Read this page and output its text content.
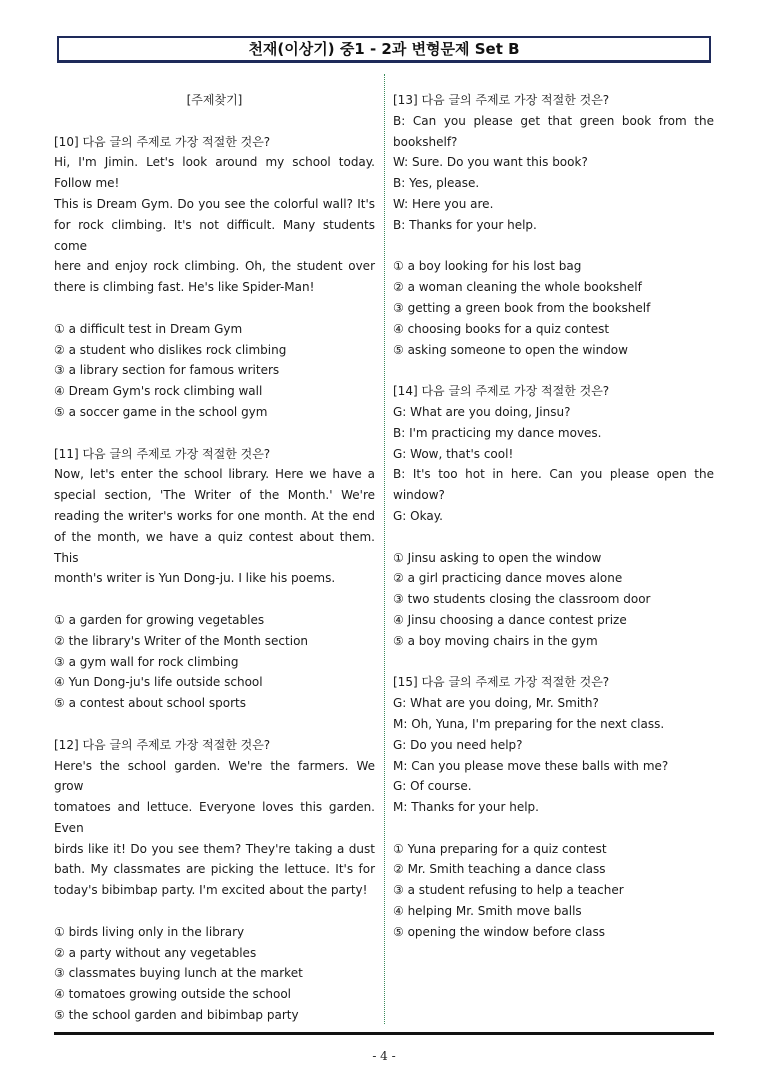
천재(이상기) 중1 - 2과 변형문제 Set B
[주제찾기]
[10] 다음 글의 주제로 가장 적절한 것은?
Hi, I'm Jimin. Let's look around my school today.
Follow me!
This is Dream Gym. Do you see the colorful wall? It's
for rock climbing. It's not difficult. Many students come
here and enjoy rock climbing. Oh, the student over
there is climbing fast. He's like Spider-Man!
① a difficult test in Dream Gym
② a student who dislikes rock climbing
③ a library section for famous writers
④ Dream Gym's rock climbing wall
⑤ a soccer game in the school gym
[11] 다음 글의 주제로 가장 적절한 것은?
Now, let's enter the school library. Here we have a
special section, 'The Writer of the Month.' We're
reading the writer's works for one month. At the end
of the month, we have a quiz contest about them. This
month's writer is Yun Dong-ju. I like his poems.
① a garden for growing vegetables
② the library's Writer of the Month section
③ a gym wall for rock climbing
④ Yun Dong-ju's life outside school
⑤ a contest about school sports
[12] 다음 글의 주제로 가장 적절한 것은?
Here's the school garden. We're the farmers. We grow
tomatoes and lettuce. Everyone loves this garden. Even
birds like it! Do you see them? They're taking a dust
bath. My classmates are picking the lettuce. It's for
today's bibimbap party. I'm excited about the party!
① birds living only in the library
② a party without any vegetables
③ classmates buying lunch at the market
④ tomatoes growing outside the school
⑤ the school garden and bibimbap party
[13] 다음 글의 주제로 가장 적절한 것은?
B: Can you please get that green book from the
bookshelf?
W: Sure. Do you want this book?
B: Yes, please.
W: Here you are.
B: Thanks for your help.
① a boy looking for his lost bag
② a woman cleaning the whole bookshelf
③ getting a green book from the bookshelf
④ choosing books for a quiz contest
⑤ asking someone to open the window
[14] 다음 글의 주제로 가장 적절한 것은?
G: What are you doing, Jinsu?
B: I'm practicing my dance moves.
G: Wow, that's cool!
B: It's too hot in here. Can you please open the
window?
G: Okay.
① Jinsu asking to open the window
② a girl practicing dance moves alone
③ two students closing the classroom door
④ Jinsu choosing a dance contest prize
⑤ a boy moving chairs in the gym
[15] 다음 글의 주제로 가장 적절한 것은?
G: What are you doing, Mr. Smith?
M: Oh, Yuna, I'm preparing for the next class.
G: Do you need help?
M: Can you please move these balls with me?
G: Of course.
M: Thanks for your help.
① Yuna preparing for a quiz contest
② Mr. Smith teaching a dance class
③ a student refusing to help a teacher
④ helping Mr. Smith move balls
⑤ opening the window before class
- 4 -
